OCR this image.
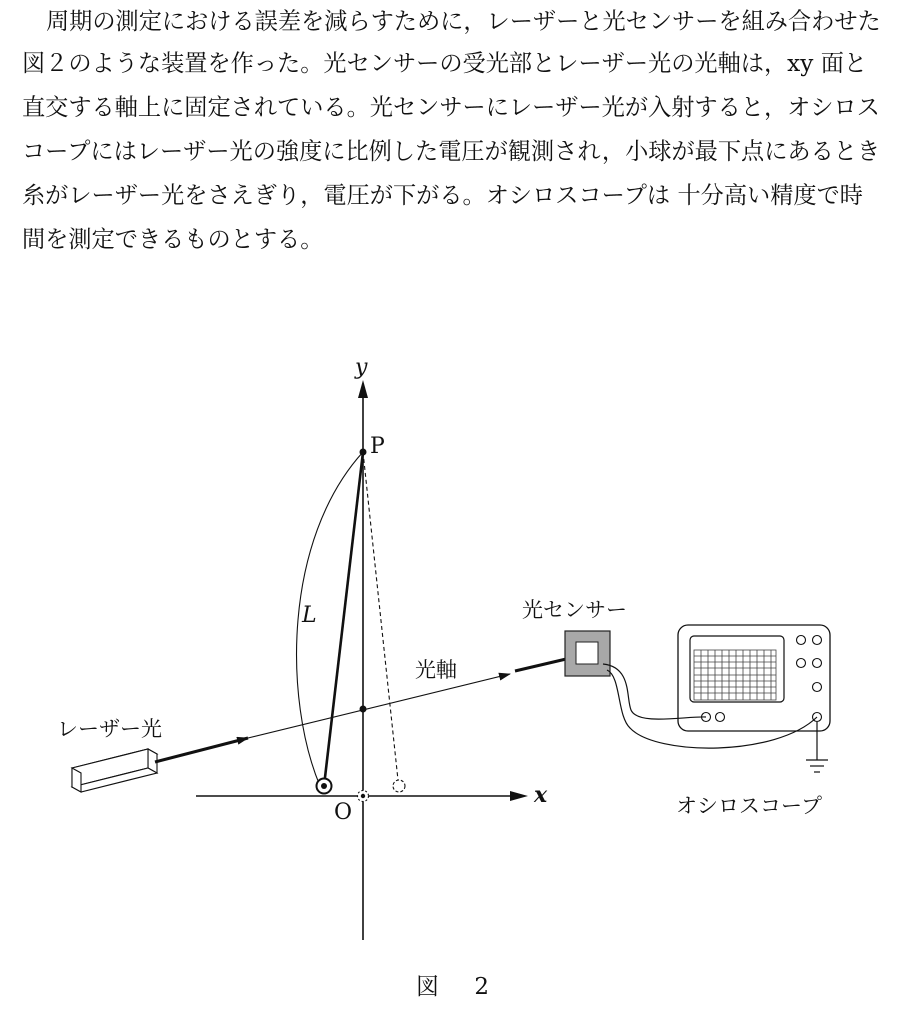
周期の測定における誤差を減らすために，レーザーと光センサーを組み合わせた
図２のような装置を作った。光センサーの受光部とレーザー光の光軸は，xy 面と
直交する軸上に固定されている。光センサーにレーザー光が入射すると，オシロス
コープにはレーザー光の強度に比例した電圧が観測され，小球が最下点にあるとき
糸がレーザー光をさえぎり，電圧が下がる。オシロスコープは 十分高い精度で時
間を測定できるものとする。
y
x
P
O
L
光軸
レーザー光
光センサー
オシロスコープ
図 2
